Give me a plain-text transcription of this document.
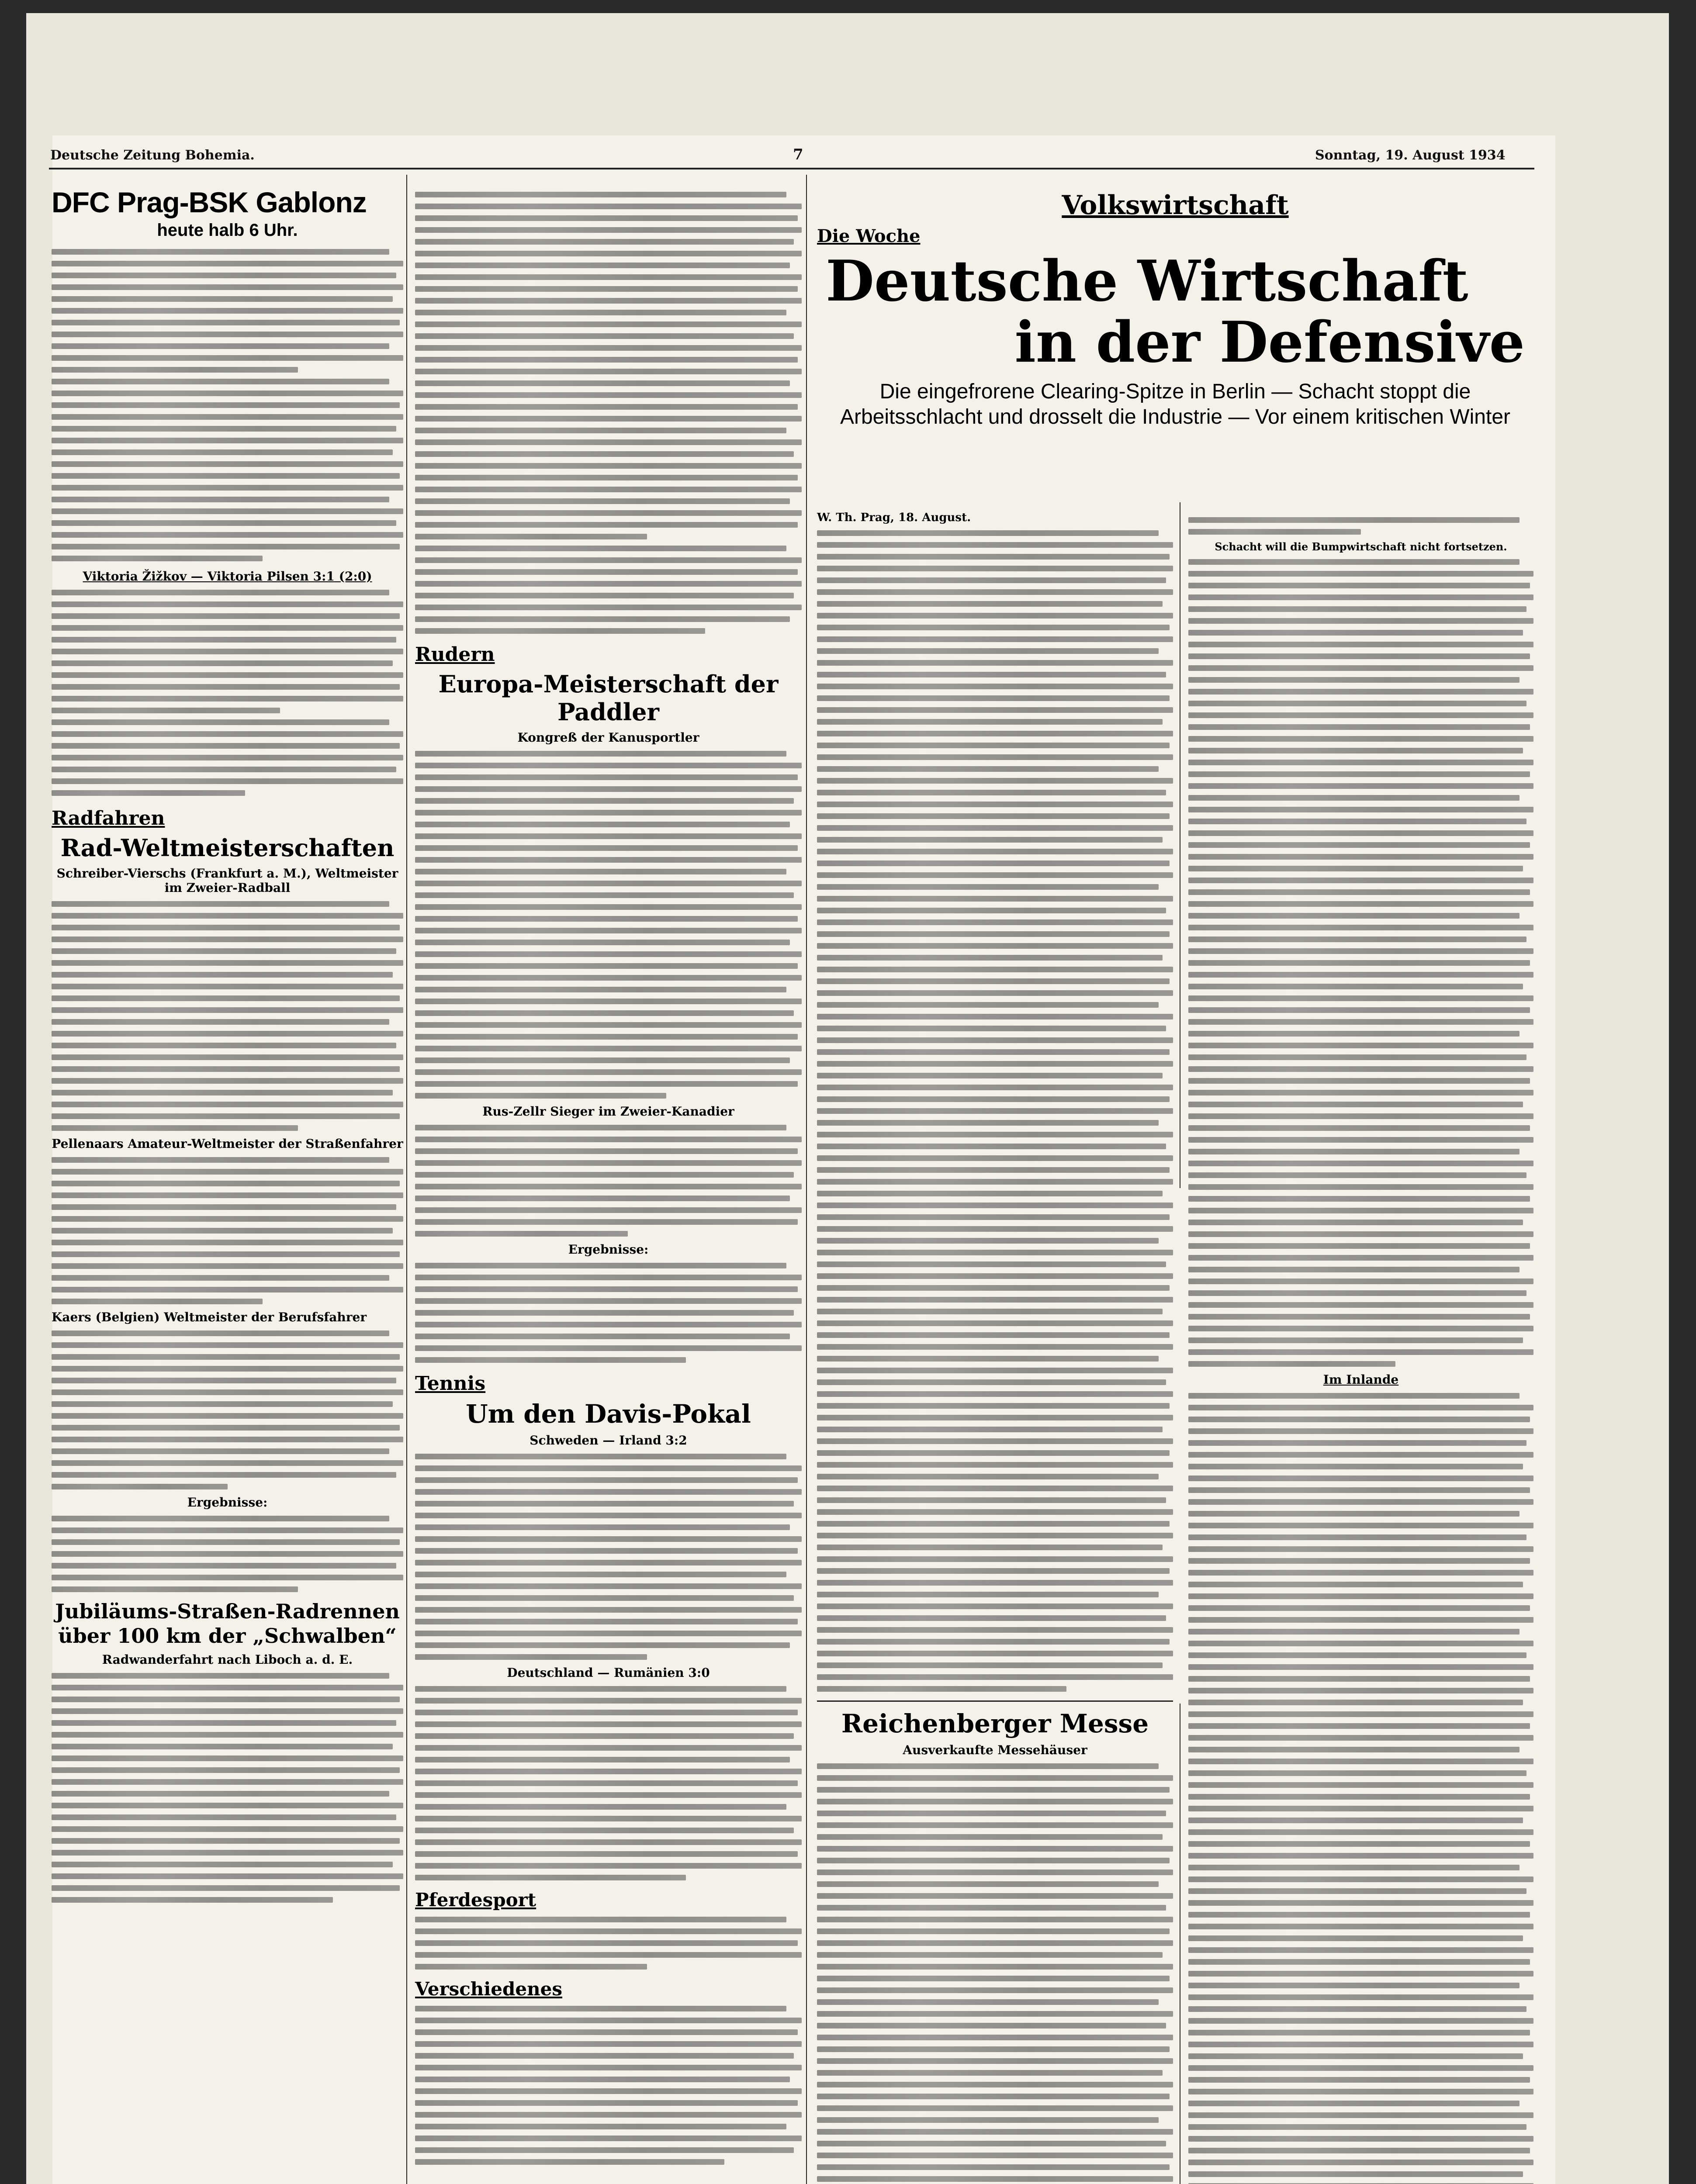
Deutsche Zeitung Bohemia.	7	Sonntag, 19. August 1934

DFC Prag-BSK Gablonz

heute halb 6 Uhr.

Viktoria Žižkov — Viktoria Pilsen 3:1 (2:0)

Radfahren

Rad-Weltmeisterschaften

Schreiber-Vierschs (Frankfurt a. M.), Weltmeister im Zweier-Radball

Pellenaars Amateur-Weltmeister der Straßenfahrer

Kaers (Belgien) Weltmeister der Berufsfahrer

Ergebnisse:

Jubiläums-Straßen-Radrennen über 100 km der „Schwalben“

Radwanderfahrt nach Liboch a. d. E.

Rudern

Europa-Meisterschaft der Paddler

Kongreß der Kanusportler

Rus-Zellr Sieger im Zweier-Kanadier

Ergebnisse:

Tennis

Um den Davis-Pokal

Schweden — Irland 3:2

Deutschland — Rumänien 3:0

Pferdesport

Verschiedenes

Volkswirtschaft

Die Woche

Deutsche Wirtschaft

in der Defensive

Die eingefrorene Clearing-Spitze in Berlin — Schacht stoppt die Arbeitsschlacht und drosselt die Industrie — Vor einem kritischen Winter

W. Th. Prag, 18. August.

Reichenberger Messe

Ausverkaufte Messehäuser

Schacht will die Bumpwirtschaft nicht fortsetzen.

Im Inlande
